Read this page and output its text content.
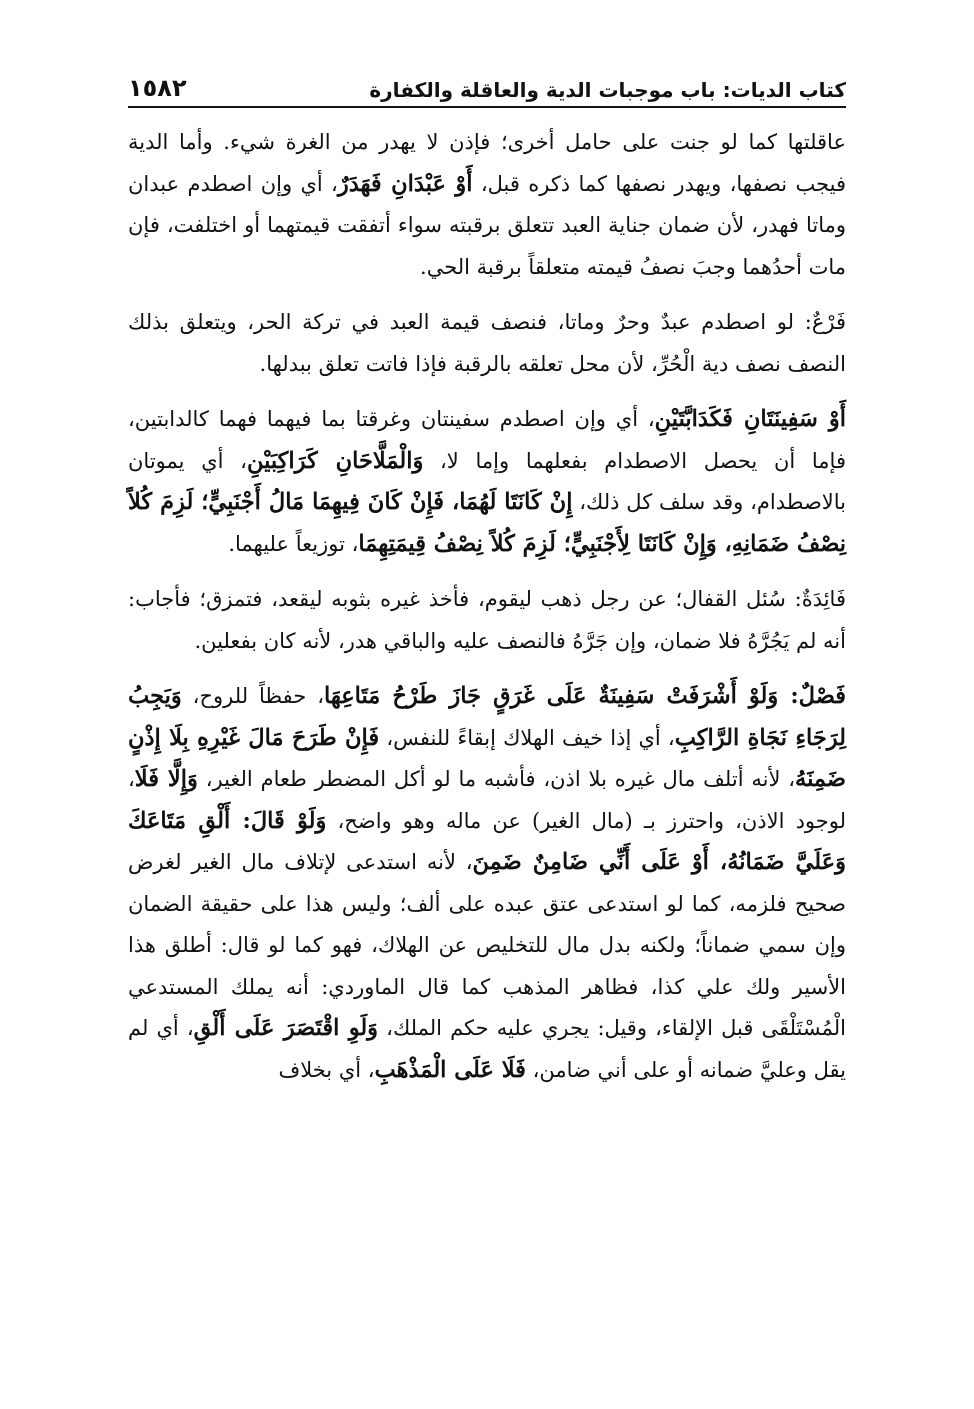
كتاب الديات: باب موجبات الدية والعاقلة والكفارة
١٥٨٢

عاقلتها كما لو جنت على حامل أخرى؛ فإذن لا يهدر من الغرة شيء. وأما الدية فيجب نصفها، ويهدر نصفها كما ذكره قبل، أَوْ عَبْدَانِ فَهَدَرٌ، أي وإن اصطدم عبدان وماتا فهدر، لأن ضمان جناية العبد تتعلق برقبته سواء أتفقت قيمتهما أو اختلفت، فإن مات أحدُهما وجبَ نصفُ قيمته متعلقاً برقبة الحي.

فَرْعٌ: لو اصطدم عبدٌ وحرٌ وماتا، فنصف قيمة العبد في تركة الحر، ويتعلق بذلك النصف نصف دية الْحُرِّ، لأن محل تعلقه بالرقبة فإذا فاتت تعلق ببدلها.

أَوْ سَفِينَتَانِ فَكَدَابَّتَيْنِ، أي وإن اصطدم سفينتان وغرقتا بما فيهما فهما كالدابتين، فإما أن يحصل الاصطدام بفعلهما وإما لا، وَالْمَلَّاحَانِ كَرَاكِبَيْنِ، أي يموتان بالاصطدام، وقد سلف كل ذلك، إِنْ كَانَتَا لَهُمَا، فَإِنْ كَانَ فِيهِمَا مَالُ أَجْنَبِيٍّ؛ لَزِمَ كُلاً نِصْفُ ضَمَانِهِ، وَإِنْ كَانَتَا لِأَجْنَبِيٍّ؛ لَزِمَ كُلاً نِصْفُ قِيمَتِهِمَا، توزيعاً عليهما.

فَائِدَةٌ: سُئل القفال؛ عن رجل ذهب ليقوم، فأخذ غيره بثوبه ليقعد، فتمزق؛ فأجاب: أنه لم يَجُرَّهُ فلا ضمان، وإن جَرَّهُ فالنصف عليه والباقي هدر، لأنه كان بفعلين.

فَصْلٌ: وَلَوْ أَشْرَفَتْ سَفِينَةٌ عَلَى غَرَقٍ جَازَ طَرْحُ مَتَاعِهَا، حفظاً للروح، وَيَجِبُ لِرَجَاءِ نَجَاةِ الرَّاكِبِ، أي إذا خيف الهلاك إبقاءً للنفس، فَإِنْ طَرَحَ مَالَ غَيْرِهِ بِلَا إِذْنٍ ضَمِنَهُ، لأنه أتلف مال غيره بلا اذن، فأشبه ما لو أكل المضطر طعام الغير، وَإِلَّا فَلَا، لوجود الاذن، واحترز بـ (مال الغير) عن ماله وهو واضح، وَلَوْ قَالَ: أَلْقِ مَتَاعَكَ وَعَلَيَّ ضَمَانُهُ، أَوْ عَلَى أَنِّي ضَامِنٌ ضَمِنَ، لأنه استدعى لإتلاف مال الغير لغرض صحيح فلزمه، كما لو استدعى عتق عبده على ألف؛ وليس هذا على حقيقة الضمان وإن سمي ضماناً؛ ولكنه بدل مال للتخليص عن الهلاك، فهو كما لو قال: أطلق هذا الأسير ولك علي كذا، فظاهر المذهب كما قال الماوردي: أنه يملك المستدعي الْمُسْتَلْقَى قبل الإلقاء، وقيل: يجري عليه حكم الملك، وَلَوِ اقْتَصَرَ عَلَى أَلْقِ، أي لم يقل وعليَّ ضمانه أو على أني ضامن، فَلَا عَلَى الْمَذْهَبِ، أي بخلاف
